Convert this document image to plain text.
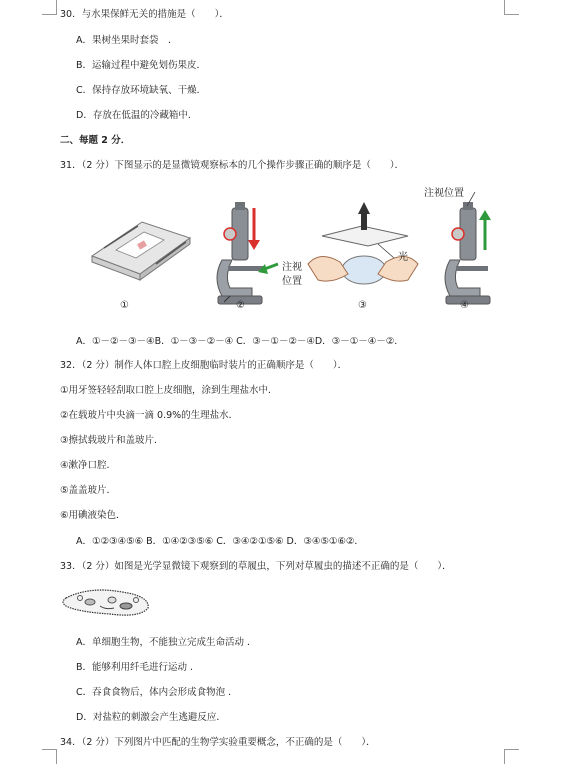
30．与水果保鲜无关的措施是（　　）．
A．果树坐果时套袋　．
B．运输过程中避免划伤果皮．
C．保持存放环境缺氧、干燥．
D．存放在低温的冷藏箱中．
二、每题 2 分．
31．（2 分）下图显示的是显微镜观察标本的几个操作步骤正确的顺序是（　　）．
注视位置
注视
位置
光
①	②	③	④
A．①－②－③－④B．①－③－②－④ C．③－①－②－④D．③－①－④－②．
32．（2 分）制作人体口腔上皮细胞临时装片的正确顺序是（　　）．
①用牙签轻轻刮取口腔上皮细胞，涂到生理盐水中．
②在载玻片中央滴一滴 0.9%的生理盐水．
③擦拭载玻片和盖玻片．
④漱净口腔．
⑤盖盖玻片．
⑥用碘液染色．
A．①②③④⑤⑥ B．①④②③⑤⑥ C．③④②①⑤⑥ D．③④⑤①⑥②．
33．（2 分）如图是光学显微镜下观察到的草履虫，下列对草履虫的描述不正确的是（　　）．
A．单细胞生物，不能独立完成生命活动 ．
B．能够利用纤毛进行运动 ．
C．吞食食物后，体内会形成食物泡 ．
D．对盐粒的刺激会产生逃避反应．
34．（2 分）下列图片中匹配的生物学实验重要概念，不正确的是（　　）．
